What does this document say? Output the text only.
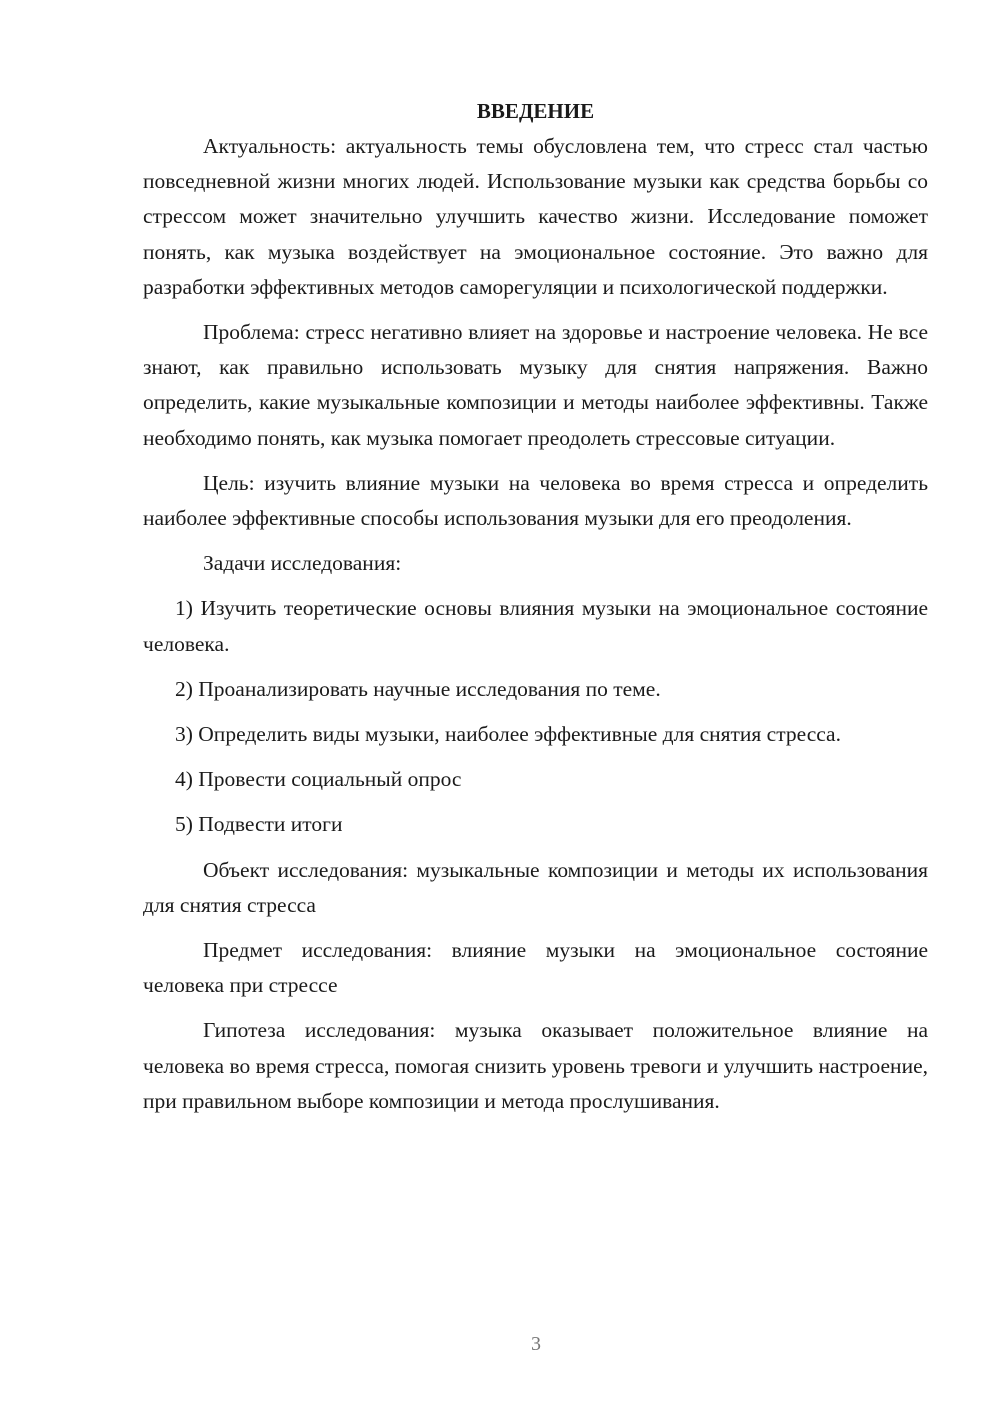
ВВЕДЕНИЕ

Актуальность: актуальность темы обусловлена тем, что стресс стал частью повседневной жизни многих людей. Использование музыки как средства борьбы со стрессом может значительно улучшить качество жизни. Исследование поможет понять, как музыка воздействует на эмоциональное состояние. Это важно для разработки эффективных методов саморегуляции и психологической поддержки.

Проблема: стресс негативно влияет на здоровье и настроение человека. Не все знают, как правильно использовать музыку для снятия напряжения. Важно определить, какие музыкальные композиции и методы наиболее эффективны. Также необходимо понять, как музыка помогает преодолеть стрессовые ситуации.

Цель: изучить влияние музыки на человека во время стресса и определить наиболее эффективные способы использования музыки для его преодоления.

Задачи исследования:

1) Изучить теоретические основы влияния музыки на эмоциональное состояние человека.

2) Проанализировать научные исследования по теме.

3) Определить виды музыки, наиболее эффективные для снятия стресса.

4) Провести социальный опрос

5) Подвести итоги

Объект исследования: музыкальные композиции и методы их использования для снятия стресса

Предмет исследования: влияние музыки на эмоциональное состояние человека при стрессе

Гипотеза исследования: музыка оказывает положительное влияние на человека во время стресса, помогая снизить уровень тревоги и улучшить настроение, при правильном выборе композиции и метода прослушивания.

3
